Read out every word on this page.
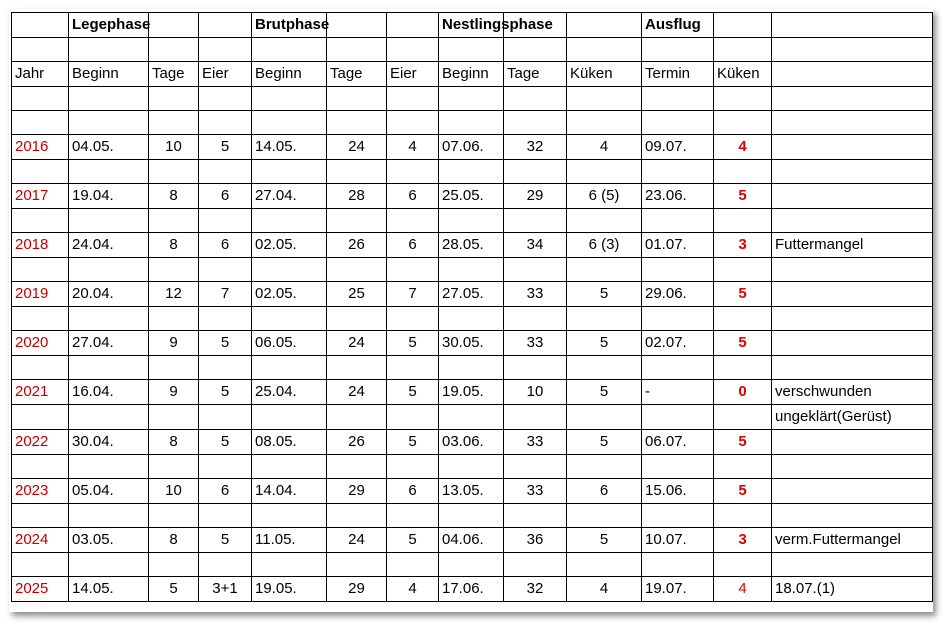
	Legephase			Brutphase			Nestlingsphase			Ausflug		

Jahr	Beginn	Tage	Eier	Beginn	Tage	Eier	Beginn	Tage	Küken	Termin	Küken	

2016	04.05.	10	5	14.05.	24	4	07.06.	32	4	09.07.	4	

2017	19.04.	8	6	27.04.	28	6	25.05.	29	6 (5)	23.06.	5	

2018	24.04.	8	6	02.05.	26	6	28.05.	34	6 (3)	01.07.	3	Futtermangel

2019	20.04.	12	7	02.05.	25	7	27.05.	33	5	29.06.	5	

2020	27.04.	9	5	06.05.	24	5	30.05.	33	5	02.07.	5	

2021	16.04.	9	5	25.04.	24	5	19.05.	10	5	-	0	verschwunden
												ungeklärt(Gerüst)
2022	30.04.	8	5	08.05.	26	5	03.06.	33	5	06.07.	5	

2023	05.04.	10	6	14.04.	29	6	13.05.	33	6	15.06.	5	

2024	03.05.	8	5	11.05.	24	5	04.06.	36	5	10.07.	3	verm.Futtermangel

2025	14.05.	5	3+1	19.05.	29	4	17.06.	32	4	19.07.	4	18.07.(1)
